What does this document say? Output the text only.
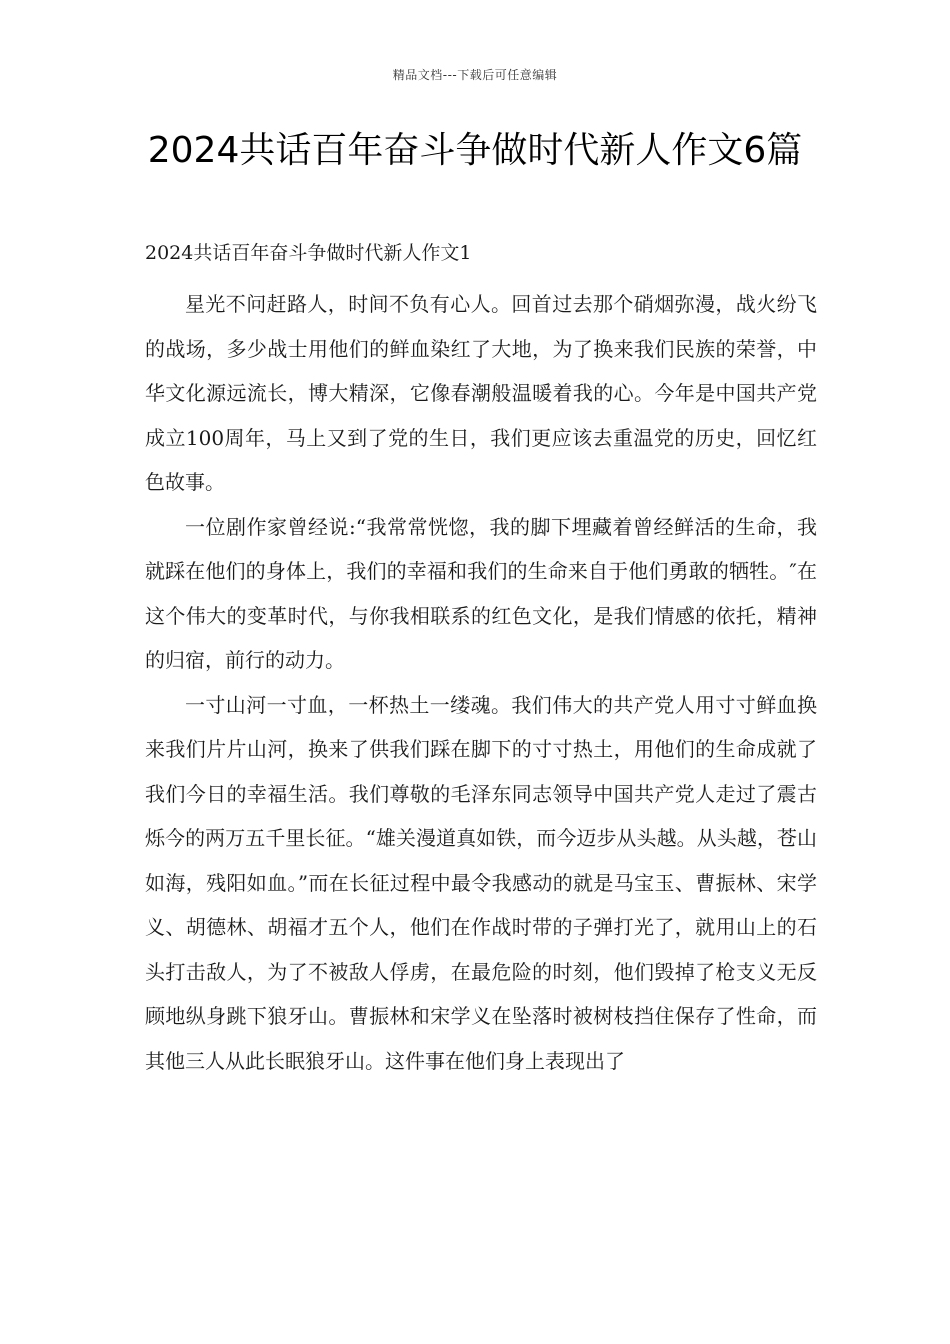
精品文档---下载后可任意编辑
2024共话百年奋斗争做时代新人作文6篇

2024共话百年奋斗争做时代新人作文1

星光不问赶路人，时间不负有心人。回首过去那个硝烟弥漫，战火纷飞的战场，多少战士用他们的鲜血染红了大地，为了换来我们民族的荣誉，中华文化源远流长，博大精深，它像春潮般温暖着我的心。今年是中国共产党成立100周年，马上又到了党的生日，我们更应该去重温党的历史，回忆红色故事。

一位剧作家曾经说:“我常常恍惚，我的脚下埋藏着曾经鲜活的生命，我就踩在他们的身体上，我们的幸福和我们的生命来自于他们勇敢的牺牲。″在这个伟大的变革时代，与你我相联系的红色文化，是我们情感的依托，精神的归宿，前行的动力。

一寸山河一寸血，一杯热土一缕魂。我们伟大的共产党人用寸寸鲜血换来我们片片山河，换来了供我们踩在脚下的寸寸热土，用他们的生命成就了我们今日的幸福生活。我们尊敬的毛泽东同志领导中国共产党人走过了震古烁今的两万五千里长征。“雄关漫道真如铁，而今迈步从头越。从头越，苍山如海，残阳如血。”而在长征过程中最令我感动的就是马宝玉、曹振林、宋学义、胡德林、胡福才五个人，他们在作战时带的子弹打光了，就用山上的石头打击敌人，为了不被敌人俘虏，在最危险的时刻，他们毁掉了枪支义无反顾地纵身跳下狼牙山。曹振林和宋学义在坠落时被树枝挡住保存了性命，而其他三人从此长眠狼牙山。这件事在他们身上表现出了
